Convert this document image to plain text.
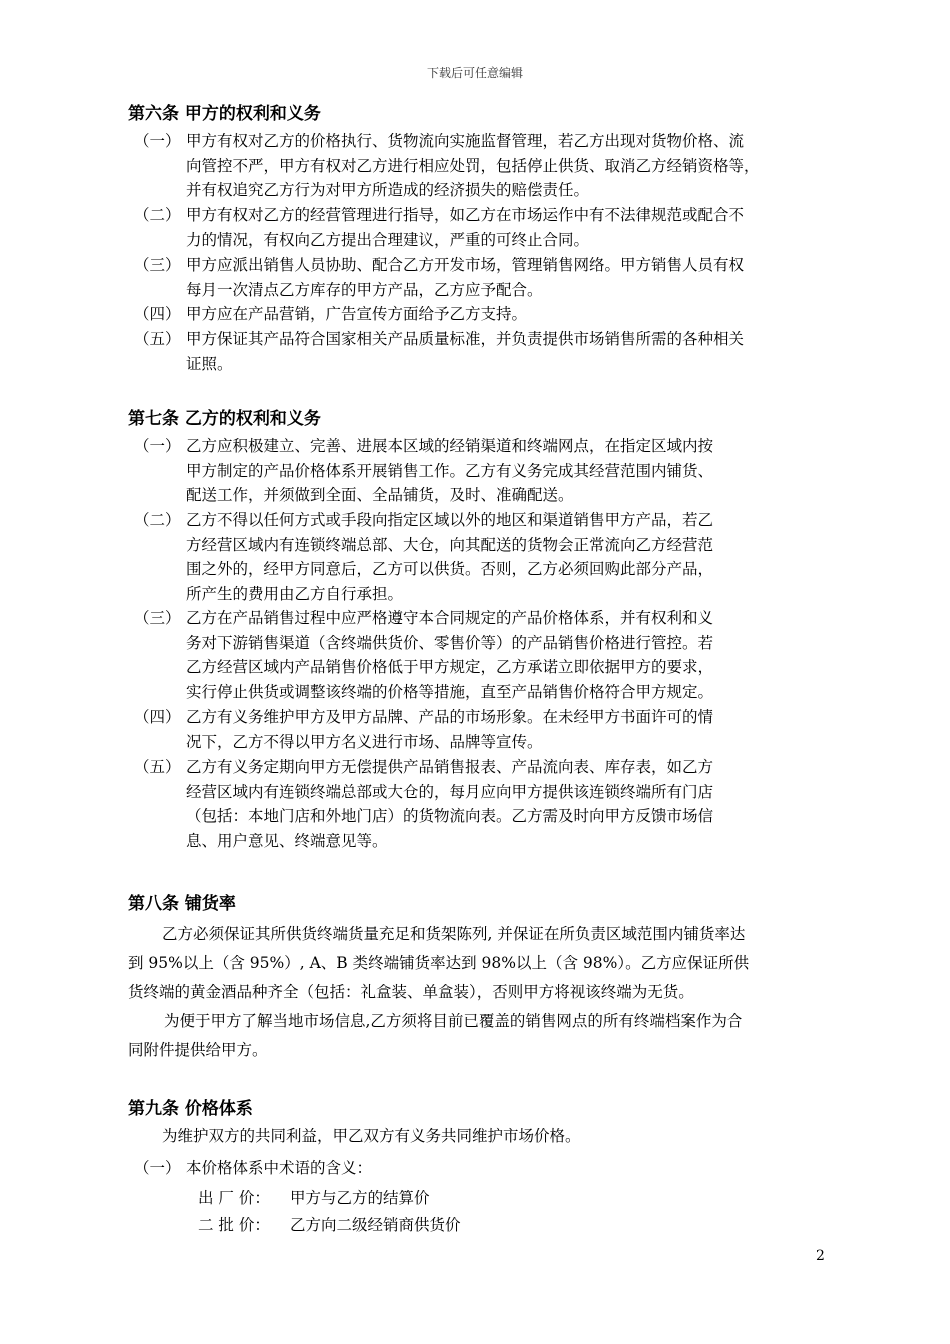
下载后可任意编辑
第六条 甲方的权利和义务
（一） 甲方有权对乙方的价格执行、货物流向实施监督管理，若乙方出现对货物价格、流
向管控不严，甲方有权对乙方进行相应处罚，包括停止供货、取消乙方经销资格等，
并有权追究乙方行为对甲方所造成的经济损失的赔偿责任。
（二） 甲方有权对乙方的经营管理进行指导，如乙方在市场运作中有不法律规范或配合不
力的情况，有权向乙方提出合理建议，严重的可终止合同。
（三） 甲方应派出销售人员协助、配合乙方开发市场，管理销售网络。甲方销售人员有权
每月一次清点乙方库存的甲方产品，乙方应予配合。
（四） 甲方应在产品营销，广告宣传方面给予乙方支持。
（五） 甲方保证其产品符合国家相关产品质量标准，并负责提供市场销售所需的各种相关
证照。
第七条 乙方的权利和义务
（一） 乙方应积极建立、完善、进展本区域的经销渠道和终端网点，在指定区域内按
甲方制定的产品价格体系开展销售工作。乙方有义务完成其经营范围内铺货、
配送工作，并须做到全面、全品铺货，及时、准确配送。
（二） 乙方不得以任何方式或手段向指定区域以外的地区和渠道销售甲方产品，若乙
方经营区域内有连锁终端总部、大仓，向其配送的货物会正常流向乙方经营范
围之外的，经甲方同意后，乙方可以供货。否则，乙方必须回购此部分产品，
所产生的费用由乙方自行承担。
（三） 乙方在产品销售过程中应严格遵守本合同规定的产品价格体系，并有权利和义
务对下游销售渠道（含终端供货价、零售价等）的产品销售价格进行管控。若
乙方经营区域内产品销售价格低于甲方规定，乙方承诺立即依据甲方的要求，
实行停止供货或调整该终端的价格等措施，直至产品销售价格符合甲方规定。
（四） 乙方有义务维护甲方及甲方品牌、产品的市场形象。在未经甲方书面许可的情
况下，乙方不得以甲方名义进行市场、品牌等宣传。
（五） 乙方有义务定期向甲方无偿提供产品销售报表、产品流向表、库存表，如乙方
经营区域内有连锁终端总部或大仓的，每月应向甲方提供该连锁终端所有门店
（包括：本地门店和外地门店）的货物流向表。乙方需及时向甲方反馈市场信
息、用户意见、终端意见等。
第八条 铺货率
乙方必须保证其所供货终端货量充足和货架陈列, 并保证在所负责区域范围内铺货率达
到 95%以上（含 95%）, A、B 类终端铺货率达到 98%以上（含 98%）。乙方应保证所供
货终端的黄金酒品种齐全（包括：礼盒装、单盒装），否则甲方将视该终端为无货。
为便于甲方了解当地市场信息,乙方须将目前已覆盖的销售网点的所有终端档案作为合
同附件提供给甲方。
第九条 价格体系
为维护双方的共同利益，甲乙双方有义务共同维护市场价格。
（一） 本价格体系中术语的含义：
出 厂 价： 甲方与乙方的结算价
二 批 价： 乙方向二级经销商供货价
2
